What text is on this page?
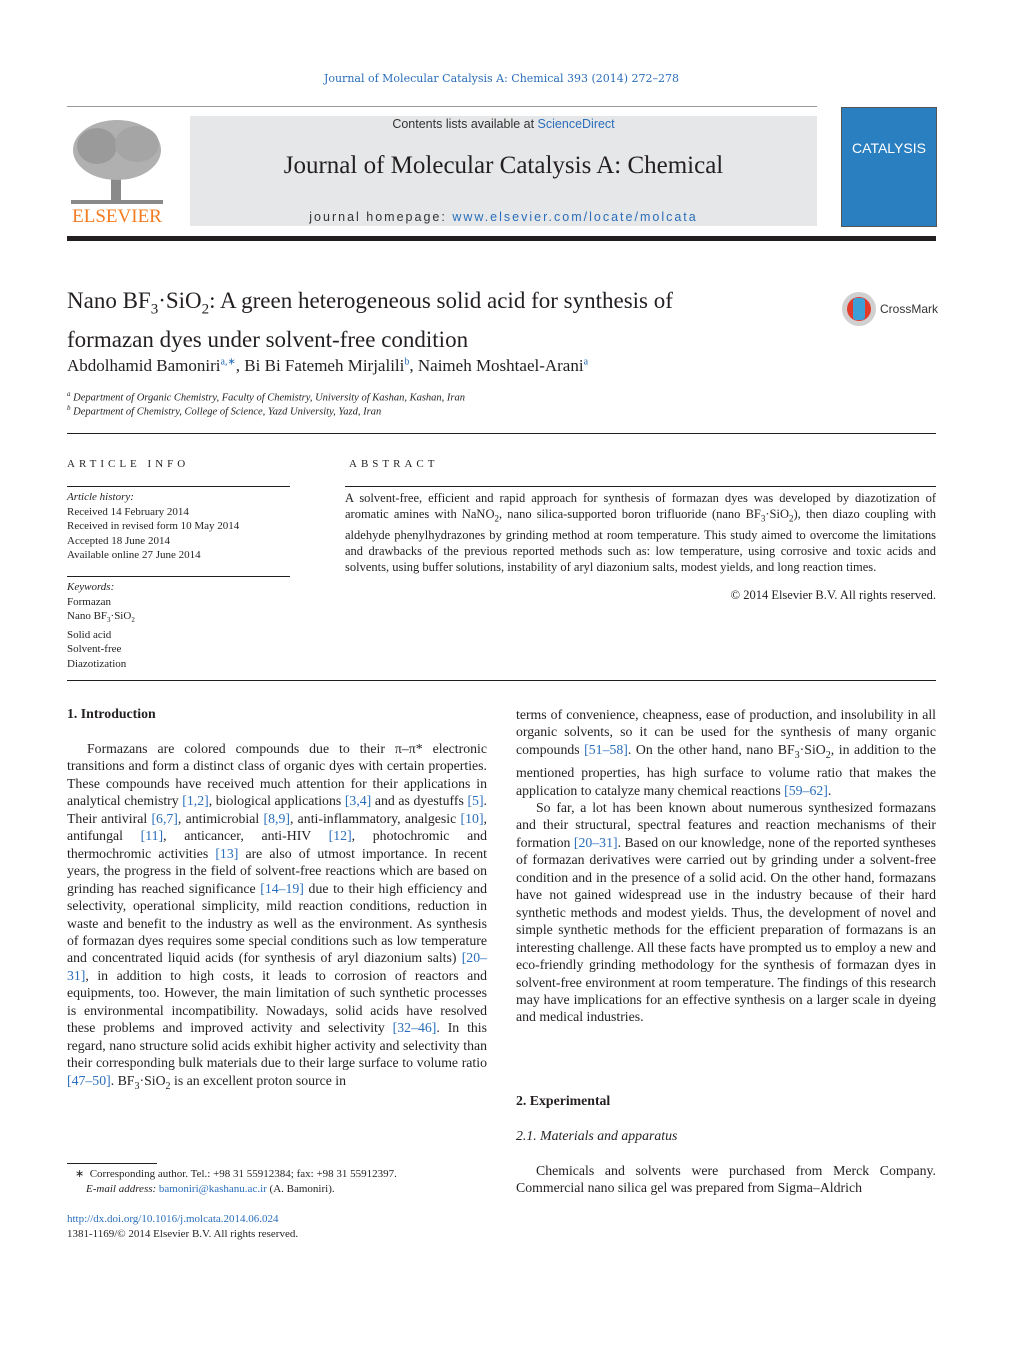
Journal of Molecular Catalysis A: Chemical 393 (2014) 272–278
ELSEVIER
Contents lists available at ScienceDirect
Journal of Molecular Catalysis A: Chemical
journal homepage: www.elsevier.com/locate/molcata
CATALYSIS
Nano $BF_3\cdot SiO_2$: A green heterogeneous solid acid for synthesis of
formazan dyes under solvent-free condition
CrossMark
Abdolhamid Bamoniri$^{a,∗}$, Bi Bi Fatemeh Mirjalili$^b$, Naimeh Moshtael-Arani$^a$
$^a$ Department of Organic Chemistry, Faculty of Chemistry, University of Kashan, Kashan, Iran
$^b$ Department of Chemistry, College of Science, Yazd University, Yazd, Iran
ARTICLE INFO
Article history:
Received 14 February 2014
Received in revised form 10 May 2014
Accepted 18 June 2014
Available online 27 June 2014
Keywords:
Formazan
Nano $BF_3\cdot SiO_2$
Solid acid
Solvent-free
Diazotization
ABSTRACT
A solvent-free, efficient and rapid approach for synthesis of formazan dyes was developed by diazotization of aromatic amines with NaNO$_2$, nano silica-supported boron trifluoride (nano $BF_3\cdot SiO_2$), then diazo coupling with aldehyde phenylhydrazones by grinding method at room temperature. This study aimed to overcome the limitations and drawbacks of the previous reported methods such as: low temperature, using corrosive and toxic acids and solvents, using buffer solutions, instability of aryl diazonium salts, modest yields, and long reaction times.
© 2014 Elsevier B.V. All rights reserved.
1. Introduction

Formazans are colored compounds due to their π–π* electronic transitions and form a distinct class of organic dyes with certain properties. These compounds have received much attention for their applications in analytical chemistry [1,2], biological applications [3,4] and as dyestuffs [5]. Their antiviral [6,7], antimicrobial [8,9], anti-inflammatory, analgesic [10], antifungal [11], anticancer, anti-HIV [12], photochromic and thermochromic activities [13] are also of utmost importance. In recent years, the progress in the field of solvent-free reactions which are based on grinding has reached significance [14–19] due to their high efficiency and selectivity, operational simplicity, mild reaction conditions, reduction in waste and benefit to the industry as well as the environment. As synthesis of formazan dyes requires some special conditions such as low temperature and concentrated liquid acids (for synthesis of aryl diazonium salts) [20–31], in addition to high costs, it leads to corrosion of reactors and equipments, too. However, the main limitation of such synthetic processes is environmental incompatibility. Nowadays, solid acids have resolved these problems and improved activity and selectivity [32–46]. In this regard, nano structure solid acids exhibit higher activity and selectivity than their corresponding bulk materials due to their large surface to volume ratio [47–50]. $BF_3\cdot SiO_2$ is an excellent proton source in

∗ Corresponding author. Tel.: +98 31 55912384; fax: +98 31 55912397.
E-mail address: bamoniri@kashanu.ac.ir (A. Bamoniri).
http://dx.doi.org/10.1016/j.molcata.2014.06.024
1381-1169/© 2014 Elsevier B.V. All rights reserved.

terms of convenience, cheapness, ease of production, and insolubility in all organic solvents, so it can be used for the synthesis of many organic compounds [51–58]. On the other hand, nano $BF_3\cdot SiO_2$, in addition to the mentioned properties, has high surface to volume ratio that makes the application to catalyze many chemical reactions [59–62].

So far, a lot has been known about numerous synthesized formazans and their structural, spectral features and reaction mechanisms of their formation [20–31]. Based on our knowledge, none of the reported syntheses of formazan derivatives were carried out by grinding under a solvent-free condition and in the presence of a solid acid. On the other hand, formazans have not gained widespread use in the industry because of their hard synthetic methods and modest yields. Thus, the development of novel and simple synthetic methods for the efficient preparation of formazans is an interesting challenge. All these facts have prompted us to employ a new and eco-friendly grinding methodology for the synthesis of formazan dyes in solvent-free environment at room temperature. The findings of this research may have implications for an effective synthesis on a larger scale in dyeing and medical industries.

2. Experimental
2.1. Materials and apparatus

Chemicals and solvents were purchased from Merck Company. Commercial nano silica gel was prepared from Sigma–Aldrich
